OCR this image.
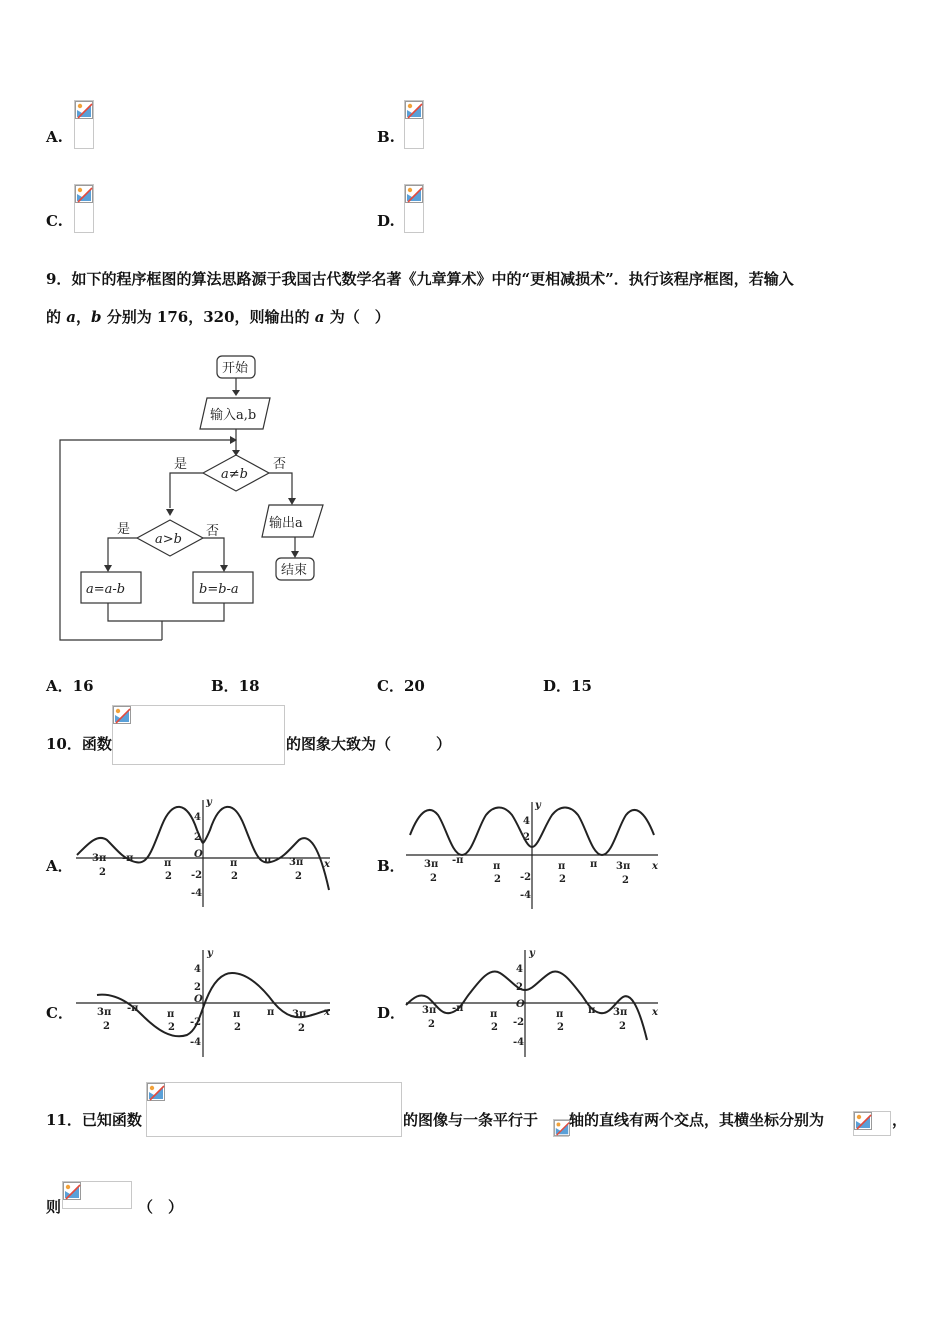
A.	B.
C.	D.
9．如下的程序框图的算法思路源于我国古代数学名著《九章算术》中的“更相减损术”．执行该程序框图，若输入
的 a，b 分别为 176，320，则输出的 a 为（　）
开始
输入a,b
a≠b
是	否
输出a
结束
a>b
是	否
a=a-b	b=b-a
A．16	B．18	C．20	D．15
10．函数	的图象大致为（　　　）
A．	B．
C．	D．
y
x
4
2
O
-2
-4
3π
2
-π	π
2
π
2
π 3π
2
y
x
4
2
-2
-4
3π
2
-π
π
2
π
2
π 3π
2
y
x
4
2
O
-2
-4
3π
2
-π
π
2
π
2
π 3π
2
y
x
4
2
O
-2
-4
3π
2
-π
π
2
π
2
π 3π
2
11．已知函数	的图像与一条平行于 轴的直线有两个交点，其横坐标分别为	，
则	（　）
